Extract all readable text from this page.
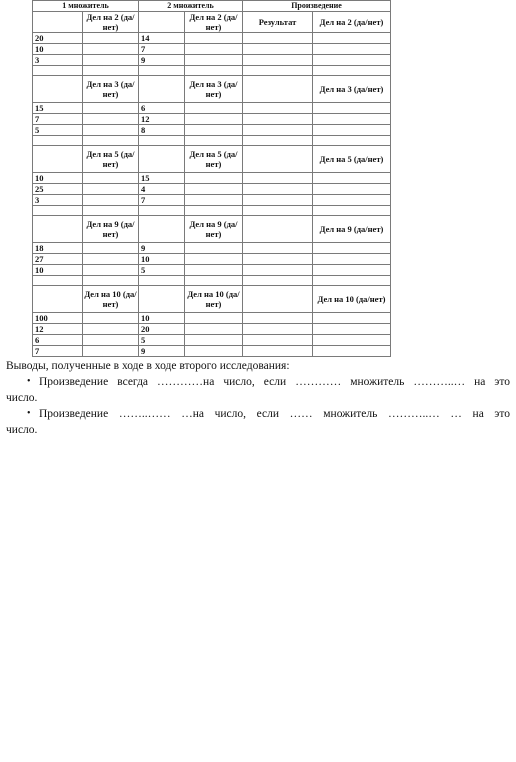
1 множитель		2 множитель		Произведение	
	Дел на 2 (да/нет)		Дел на 2 (да/нет)	Результат	Дел на 2 (да/нет)
20		14			
10		7			
3		9			

	Дел на 3 (да/нет)		Дел на 3 (да/нет)		Дел на 3 (да/нет)
15		6			
7		12			
5		8			

	Дел на 5 (да/нет)		Дел на 5 (да/нет)		Дел на 5 (да/нет)
10		15			
25		4			
3		7			

	Дел на 9 (да/нет)		Дел на 9 (да/нет)		Дел на 9 (да/нет)
18		9			
27		10			
10		5			

	Дел на 10 (да/нет)		Дел на 10 (да/нет)		Дел на 10 (да/нет)
100		10			
12		20			
6		5			
7		9			

Выводы, полученные в ходе в ходе второго исследования:

• Произведение всегда …………на число, если ………… множитель ………..… на это
число.
• Произведение ……..…… …на число, если …… множитель ………..… … на это
число.
